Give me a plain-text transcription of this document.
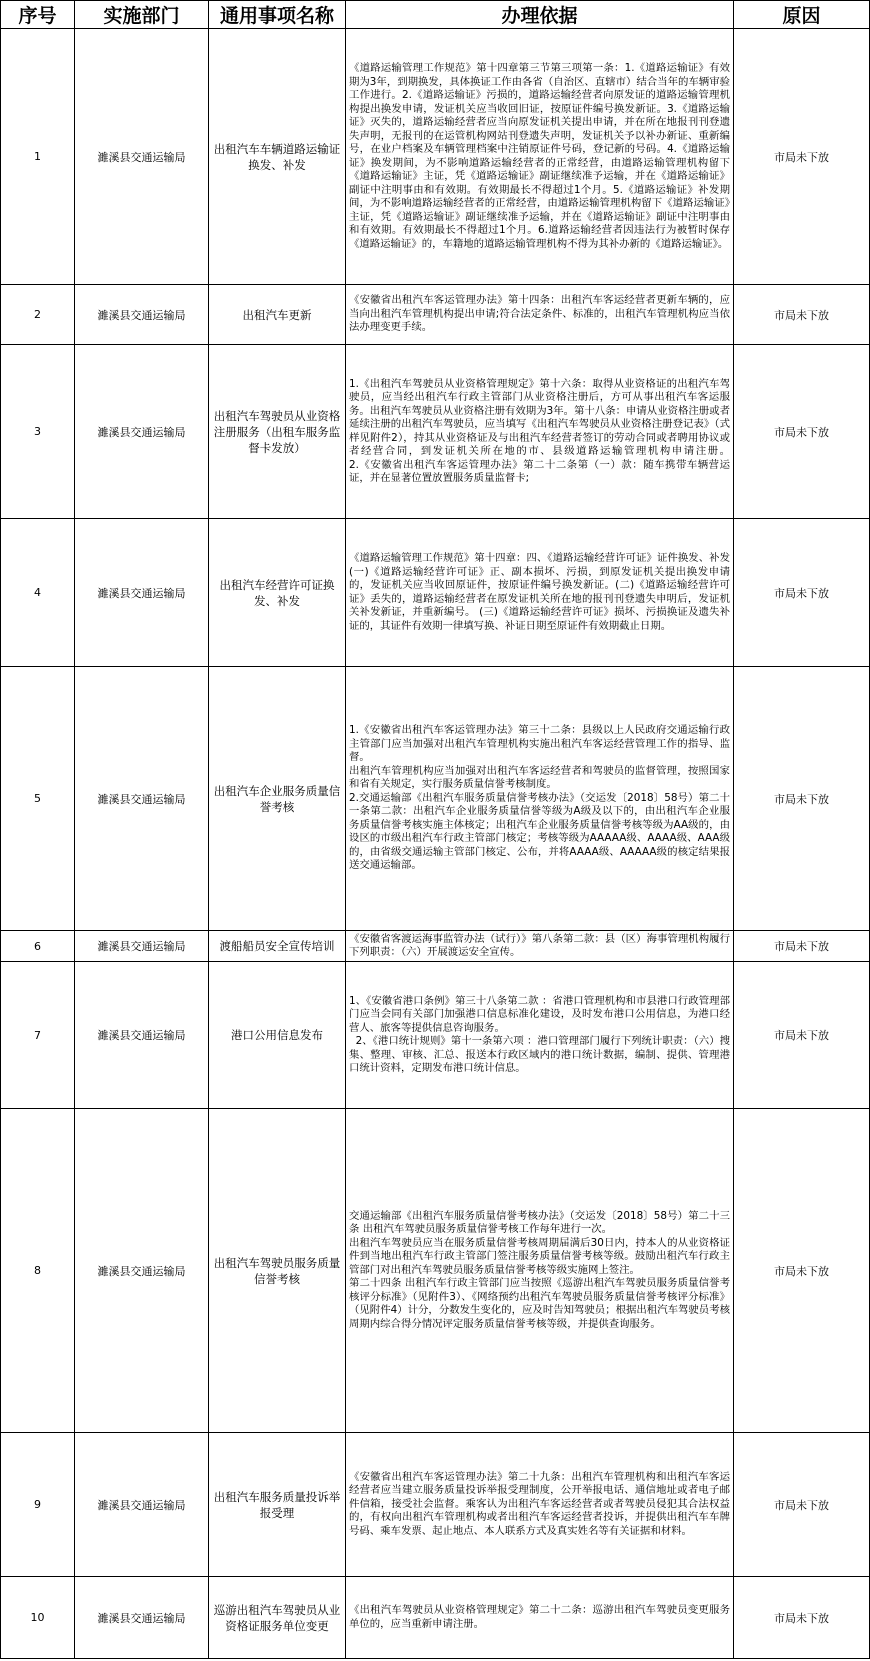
序号	实施部门	通用事项名称	办理依据	原因
1	濉溪县交通运输局	出租汽车车辆道路运输证换发、补发	《道路运输管理工作规范》第十四章第三节第三项第一条：1.《道路运输证》有效期为3年，到期换发，具体换证工作由各省（自治区、直辖市）结合当年的车辆审验工作进行。2.《道路运输证》污损的，道路运输经营者向原发证的道路运输管理机构提出换发申请，发证机关应当收回旧证，按原证件编号换发新证。3.《道路运输证》灭失的，道路运输经营者应当向原发证机关提出申请，并在所在地报刊刊登遗失声明，无报刊的在运管机构网站刊登遗失声明，发证机关予以补办新证、重新编号，在业户档案及车辆管理档案中注销原证件号码，登记新的号码。4.《道路运输证》换发期间，为不影响道路运输经营者的正常经营，由道路运输管理机构留下《道路运输证》主证，凭《道路运输证》副证继续准予运输，并在《道路运输证》副证中注明事由和有效期。有效期最长不得超过1个月。5.《道路运输证》补发期间，为不影响道路运输经营者的正常经营，由道路运输管理机构留下《道路运输证》主证，凭《道路运输证》副证继续准予运输，并在《道路运输证》副证中注明事由和有效期。有效期最长不得超过1个月。6.道路运输经营者因违法行为被暂时保存《道路运输证》的，车籍地的道路运输管理机构不得为其补办新的《道路运输证》。	市局未下放
2	濉溪县交通运输局	出租汽车更新	《安徽省出租汽车客运管理办法》第十四条：出租汽车客运经营者更新车辆的，应当向出租汽车管理机构提出申请;符合法定条件、标准的，出租汽车管理机构应当依法办理变更手续。	市局未下放
3	濉溪县交通运输局	出租汽车驾驶员从业资格注册服务（出租车服务监督卡发放）	1.《出租汽车驾驶员从业资格管理规定》第十六条：取得从业资格证的出租汽车驾驶员，应当经出租汽车行政主管部门从业资格注册后，方可从事出租汽车客运服务。出租汽车驾驶员从业资格注册有效期为3年。第十八条：申请从业资格注册或者延续注册的出租汽车驾驶员，应当填写《出租汽车驾驶员从业资格注册登记表》（式样见附件2），持其从业资格证及与出租汽车经营者签订的劳动合同或者聘用协议或者经营合同，到发证机关所在地的市、县级道路运输管理机构申请注册。                    2.《安徽省出租汽车客运管理办法》第二十二条第（一）款：随车携带车辆营运证，并在显著位置放置服务质量监督卡;	市局未下放
4	濉溪县交通运输局	出租汽车经营许可证换发、补发	《道路运输管理工作规范》第十四章：四、《道路运输经营许可证》证件换发、补发(一)《道路运输经营许可证》正、副本损坏、污损，到原发证机关提出换发申请的，发证机关应当收回原证件，按原证件编号换发新证。(二)《道路运输经营许可证》丢失的，道路运输经营者在原发证机关所在地的报刊刊登遗失申明后，发证机关补发新证，并重新编号。 (三)《道路运输经营许可证》损坏、污损换证及遗失补证的，其证件有效期一律填写换、补证日期至原证件有效期截止日期。	市局未下放
5	濉溪县交通运输局	出租汽车企业服务质量信誉考核	1.《安徽省出租汽车客运管理办法》第三十二条：县级以上人民政府交通运输行政主管部门应当加强对出租汽车管理机构实施出租汽车客运经营管理工作的指导、监督。
出租汽车管理机构应当加强对出租汽车客运经营者和驾驶员的监督管理，按照国家和省有关规定，实行服务质量信誉考核制度。
2.交通运输部《出租汽车服务质量信誉考核办法》（交运发〔2018〕58号）第二十一条第二款：出租汽车企业服务质量信誉等级为A级及以下的，由出租汽车企业服务质量信誉考核实施主体核定；出租汽车企业服务质量信誉考核等级为AA级的，由设区的市级出租汽车行政主管部门核定；考核等级为AAAAA级、AAAA级、AAA级的，由省级交通运输主管部门核定、公布，并将AAAA级、AAAAA级的核定结果报送交通运输部。	市局未下放
6	濉溪县交通运输局	渡船船员安全宣传培训	《安徽省客渡运海事监管办法（试行）》第八条第二款：县（区）海事管理机构履行下列职责：（六）开展渡运安全宣传。	市局未下放
7	濉溪县交通运输局	港口公用信息发布	1、《安徽省港口条例》第三十八条第二款 ：省港口管理机构和市县港口行政管理部门应当会同有关部门加强港口信息标准化建设，及时发布港口公用信息，为港口经营人、旅客等提供信息咨询服务。
2、《港口统计规则》第十一条第六项 ：港口管理部门履行下列统计职责：（六）搜集、整理、审核、汇总、报送本行政区域内的港口统计数据，编制、提供、管理港口统计资料，定期发布港口统计信息。	市局未下放
8	濉溪县交通运输局	出租汽车驾驶员服务质量信誉考核	交通运输部《出租汽车服务质量信誉考核办法》（交运发〔2018〕58号）第二十三条 出租汽车驾驶员服务质量信誉考核工作每年进行一次。
出租汽车驾驶员应当在服务质量信誉考核周期届满后30日内，持本人的从业资格证件到当地出租汽车行政主管部门签注服务质量信誉考核等级。鼓励出租汽车行政主管部门对出租汽车驾驶员服务质量信誉考核等级实施网上签注。
第二十四条 出租汽车行政主管部门应当按照《巡游出租汽车驾驶员服务质量信誉考核评分标准》（见附件3）、《网络预约出租汽车驾驶员服务质量信誉考核评分标准》（见附件4）计分，分数发生变化的，应及时告知驾驶员；根据出租汽车驾驶员考核周期内综合得分情况评定服务质量信誉考核等级，并提供查询服务。	市局未下放
9	濉溪县交通运输局	出租汽车服务质量投诉举报受理	《安徽省出租汽车客运管理办法》第二十九条：出租汽车管理机构和出租汽车客运经营者应当建立服务质量投诉举报受理制度，公开举报电话、通信地址或者电子邮件信箱，接受社会监督。乘客认为出租汽车客运经营者或者驾驶员侵犯其合法权益的，有权向出租汽车管理机构或者出租汽车客运经营者投诉，并提供出租汽车车牌号码、乘车发票、起止地点、本人联系方式及真实姓名等有关证据和材料。	市局未下放
10	濉溪县交通运输局	巡游出租汽车驾驶员从业资格证服务单位变更	《出租汽车驾驶员从业资格管理规定》第二十二条：巡游出租汽车驾驶员变更服务单位的，应当重新申请注册。	市局未下放
